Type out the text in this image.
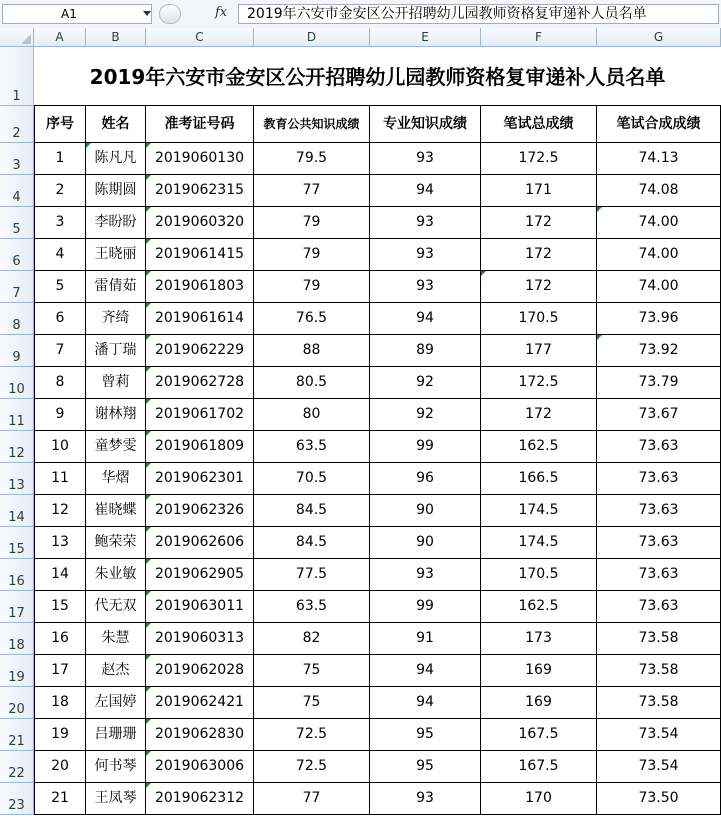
A1	fx	2019年六安市金安区公开招聘幼儿园教师资格复审递补人员名单
A	B	C	D	E	F	G
1
2
3
4
5
6
7
8
9
10
11
12
13
14
15
16
17
18
19
20
21
22
23
2019年六安市金安区公开招聘幼儿园教师资格复审递补人员名单
序号	姓名	准考证号码	教育公共知识成绩	专业知识成绩	笔试总成绩	笔试合成成绩
1	陈凡凡	2019060130	79.5	93	172.5	74.13
2	陈期圆	2019062315	77	94	171	74.08
3	李盼盼	2019060320	79	93	172	74.00
4	王晓丽	2019061415	79	93	172	74.00
5	雷倩茹	2019061803	79	93	172	74.00
6	齐绮	2019061614	76.5	94	170.5	73.96
7	潘丁瑞	2019062229	88	89	177	73.92
8	曾莉	2019062728	80.5	92	172.5	73.79
9	谢林翔	2019061702	80	92	172	73.67
10	童梦雯	2019061809	63.5	99	162.5	73.63
11	华熠	2019062301	70.5	96	166.5	73.63
12	崔晓蝶	2019062326	84.5	90	174.5	73.63
13	鲍荣荣	2019062606	84.5	90	174.5	73.63
14	朱业敏	2019062905	77.5	93	170.5	73.63
15	代无双	2019063011	63.5	99	162.5	73.63
16	朱慧	2019060313	82	91	173	73.58
17	赵杰	2019062028	75	94	169	73.58
18	左国婷	2019062421	75	94	169	73.58
19	吕珊珊	2019062830	72.5	95	167.5	73.54
20	何书琴	2019063006	72.5	95	167.5	73.54
21	王凤琴	2019062312	77	93	170	73.50
